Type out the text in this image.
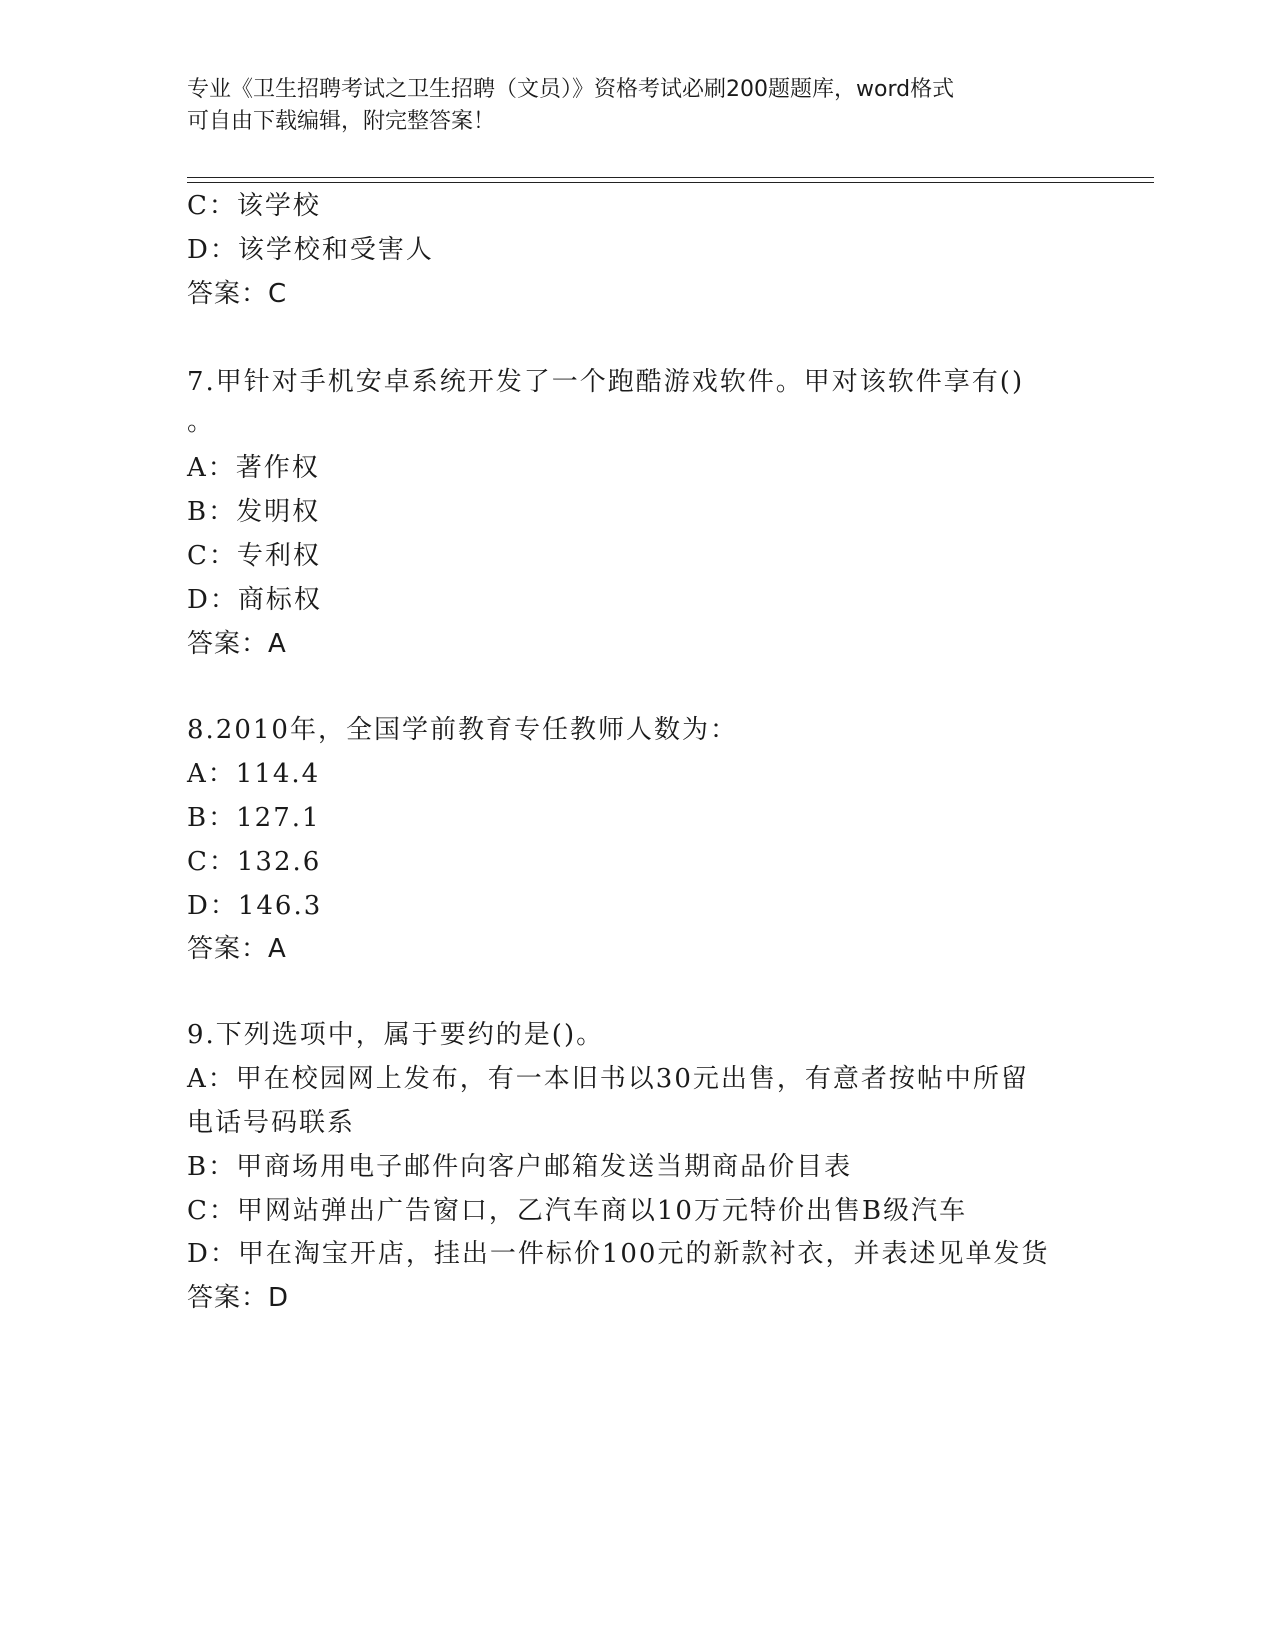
专业《卫生招聘考试之卫生招聘（文员）》资格考试必刷200题题库，word格式
可自由下载编辑，附完整答案！
C：该学校
D：该学校和受害人
答案：C
7.甲针对手机安卓系统开发了一个跑酷游戏软件。甲对该软件享有()
。
A：著作权
B：发明权
C：专利权
D：商标权
答案：A
8.2010年，全国学前教育专任教师人数为：
A：114.4
B：127.1
C：132.6
D：146.3
答案：A
9.下列选项中，属于要约的是()。
A：甲在校园网上发布，有一本旧书以30元出售，有意者按帖中所留
电话号码联系
B：甲商场用电子邮件向客户邮箱发送当期商品价目表
C：甲网站弹出广告窗口，乙汽车商以10万元特价出售B级汽车
D：甲在淘宝开店，挂出一件标价100元的新款衬衣，并表述见单发货
答案：D
